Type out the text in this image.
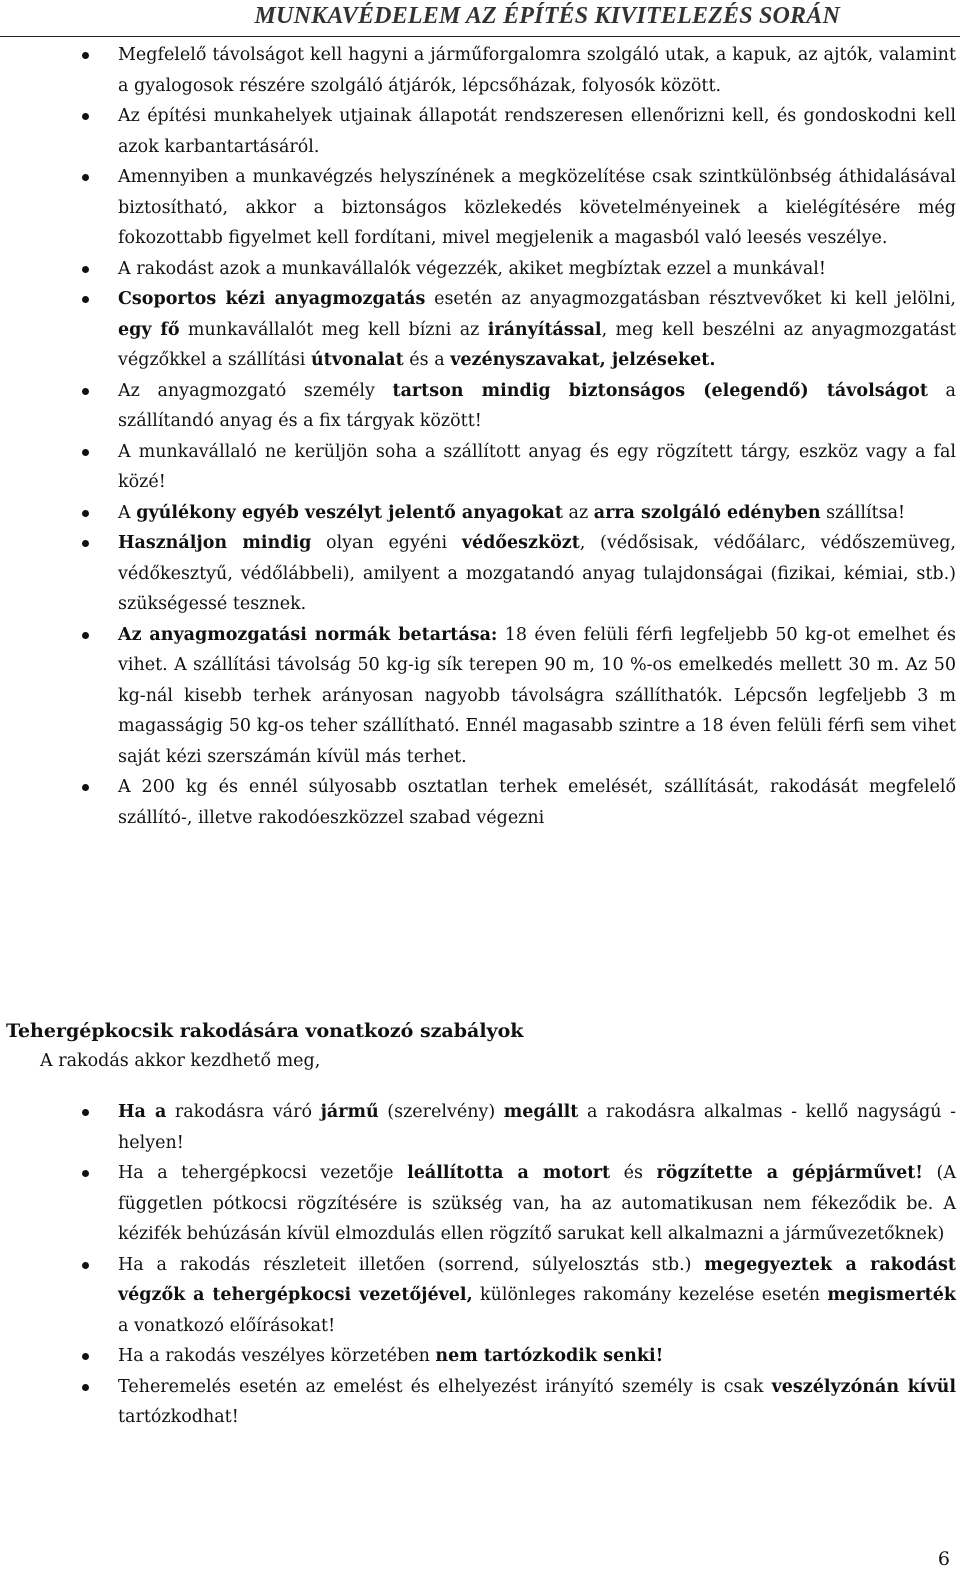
MUNKAVÉDELEM AZ ÉPÍTÉS KIVITELEZÉS SORÁN
Megfelelő távolságot kell hagyni a járműforgalomra szolgáló utak, a kapuk, az ajtók, valamint a gyalogosok részére szolgáló átjárók, lépcsőházak, folyosók között.
Az építési munkahelyek utjainak állapotát rendszeresen ellenőrizni kell, és gondoskodni kell azok karbantartásáról.
Amennyiben a munkavégzés helyszínének a megközelítése csak szintkülönbség áthidalásával biztosítható, akkor a biztonságos közlekedés követelményeinek a kielégítésére még fokozottabb figyelmet kell fordítani, mivel megjelenik a magasból való leesés veszélye.
A rakodást azok a munkavállalók végezzék, akiket megbíztak ezzel a munkával!
Csoportos kézi anyagmozgatás esetén az anyagmozgatásban résztvevőket ki kell jelölni, egy fő munkavállalót meg kell bízni az irányítással, meg kell beszélni az anyagmozgatást végzőkkel a szállítási útvonalat és a vezényszavakat, jelzéseket.
Az anyagmozgató személy tartson mindig biztonságos (elegendő) távolságot a szállítandó anyag és a fix tárgyak között!
A munkavállaló ne kerüljön soha a szállított anyag és egy rögzített tárgy, eszköz vagy a fal közé!
A gyúlékony egyéb veszélyt jelentő anyagokat az arra szolgáló edényben szállítsa!
Használjon mindig olyan egyéni védőeszközt, (védősisak, védőálarc, védőszemüveg, védőkesztyű, védőlábbeli), amilyent a mozgatandó anyag tulajdonságai (fizikai, kémiai, stb.) szükségessé tesznek.
Az anyagmozgatási normák betartása: 18 éven felüli férfi legfeljebb 50 kg-ot emelhet és vihet. A szállítási távolság 50 kg-ig sík terepen 90 m, 10 %-os emelkedés mellett 30 m. Az 50 kg-nál kisebb terhek arányosan nagyobb távolságra szállíthatók. Lépcsőn legfeljebb 3 m magasságig 50 kg-os teher szállítható. Ennél magasabb szintre a 18 éven felüli férfi sem vihet saját kézi szerszámán kívül más terhet.
A 200 kg és ennél súlyosabb osztatlan terhek emelését, szállítását, rakodását megfelelő szállító-, illetve rakodóeszközzel szabad végezni
Tehergépkocsik rakodására vonatkozó szabályok
A rakodás akkor kezdhető meg,
Ha a rakodásra váró jármű (szerelvény) megállt a rakodásra alkalmas - kellő nagyságú - helyen!
Ha a tehergépkocsi vezetője leállította a motort és rögzítette a gépjárművet! (A független pótkocsi rögzítésére is szükség van, ha az automatikusan nem fékeződik be. A kézifék behúzásán kívül elmozdulás ellen rögzítő sarukat kell alkalmazni a járművezetőknek)
Ha a rakodás részleteit illetően (sorrend, súlyelosztás stb.) megegyeztek a rakodást végzők a tehergépkocsi vezetőjével, különleges rakomány kezelése esetén megismerték a vonatkozó előírásokat!
Ha a rakodás veszélyes körzetében nem tartózkodik senki!
Teheremelés esetén az emelést és elhelyezést irányító személy is csak veszélyzónán kívül tartózkodhat!
6
